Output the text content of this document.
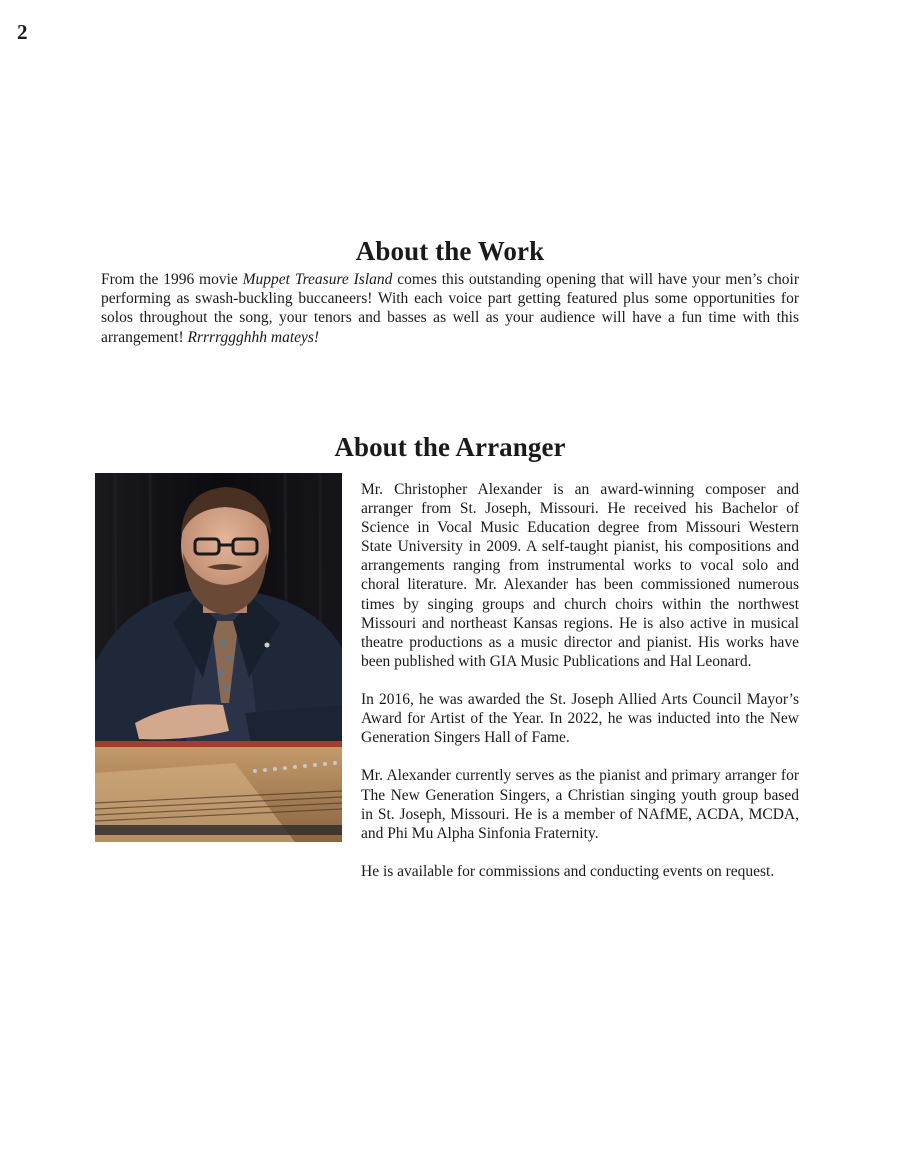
2
About the Work

From the 1996 movie Muppet Treasure Island comes this outstanding opening that will have your men’s choir performing as swash-buckling buccaneers! With each voice part getting featured plus some opportunities for solos throughout the song, your tenors and basses as well as your audience will have a fun time with this arrangement! Rrrrrggghhh mateys!

About the Arranger

Mr. Christopher Alexander is an award-winning composer and arranger from St. Joseph, Missouri. He received his Bachelor of Science in Vocal Music Education degree from Missouri Western State University in 2009. A self-taught pianist, his compositions and arrangements ranging from instrumental works to vocal solo and choral literature. Mr. Alexander has been commissioned numerous times by singing groups and church choirs within the northwest Missouri and northeast Kansas regions. He is also active in musical theatre productions as a music director and pianist. His works have been published with GIA Music Publications and Hal Leonard.

In 2016, he was awarded the St. Joseph Allied Arts Council Mayor’s Award for Artist of the Year. In 2022, he was inducted into the New Generation Singers Hall of Fame.

Mr. Alexander currently serves as the pianist and primary arranger for The New Generation Singers, a Christian singing youth group based in St. Joseph, Missouri. He is a member of NAfME, ACDA, MCDA, and Phi Mu Alpha Sinfonia Fraternity.

He is available for commissions and conducting events on request.
